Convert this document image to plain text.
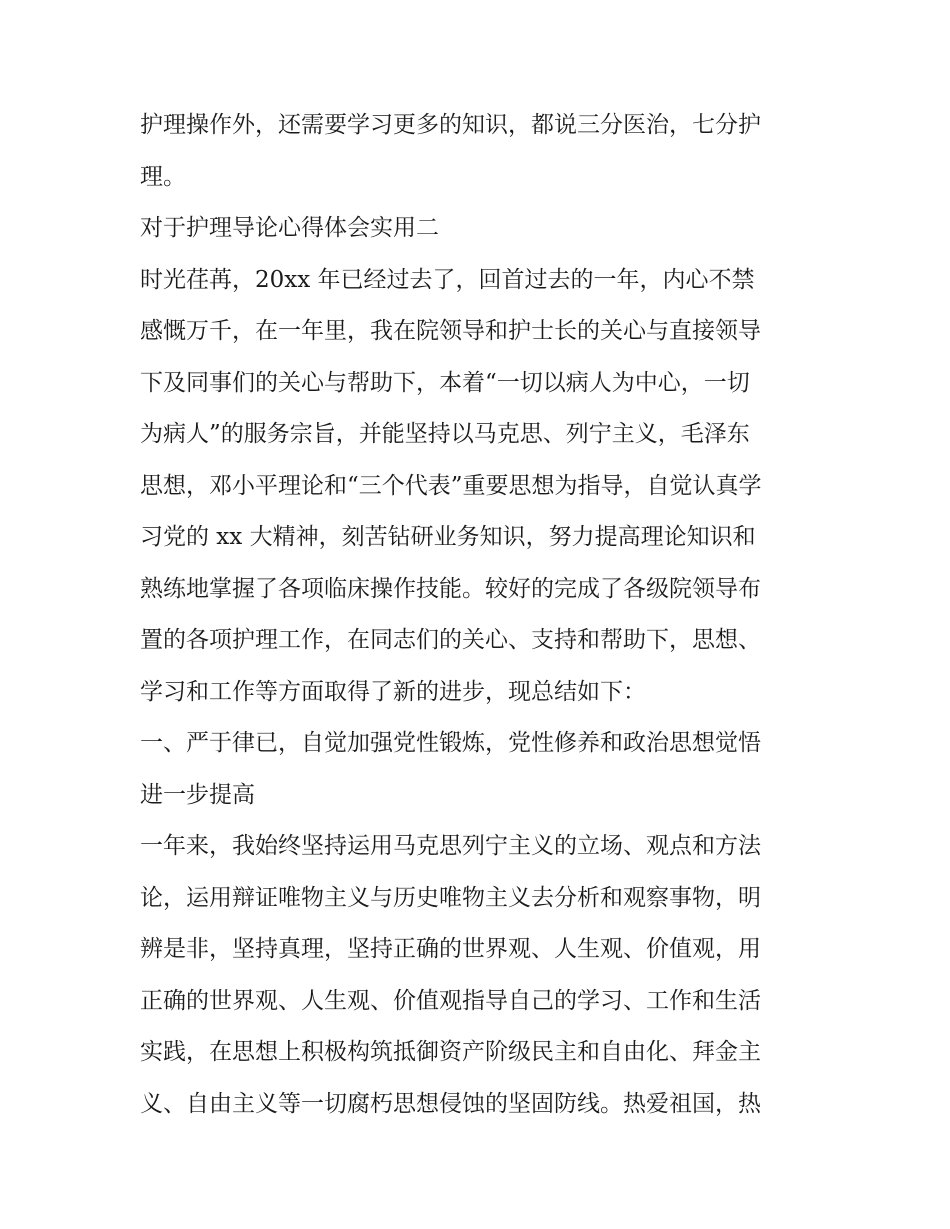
护理操作外，还需要学习更多的知识，都说三分医治，七分护
理。
对于护理导论心得体会实用二
时光荏苒，20xx 年已经过去了，回首过去的一年，内心不禁
感慨万千，在一年里，我在院领导和护士长的关心与直接领导
下及同事们的关心与帮助下，本着“一切以病人为中心，一切
为病人”的服务宗旨，并能坚持以马克思、列宁主义，毛泽东
思想，邓小平理论和“三个代表”重要思想为指导，自觉认真学
习党的 xx 大精神，刻苦钻研业务知识，努力提高理论知识和
熟练地掌握了各项临床操作技能。较好的完成了各级院领导布
置的各项护理工作，在同志们的关心、支持和帮助下，思想、
学习和工作等方面取得了新的进步，现总结如下：
一、严于律已，自觉加强党性锻炼，党性修养和政治思想觉悟
进一步提高
一年来，我始终坚持运用马克思列宁主义的立场、观点和方法
论，运用辩证唯物主义与历史唯物主义去分析和观察事物，明
辨是非，坚持真理，坚持正确的世界观、人生观、价值观，用
正确的世界观、人生观、价值观指导自己的学习、工作和生活
实践，在思想上积极构筑抵御资产阶级民主和自由化、拜金主
义、自由主义等一切腐朽思想侵蚀的坚固防线。热爱祖国，热
